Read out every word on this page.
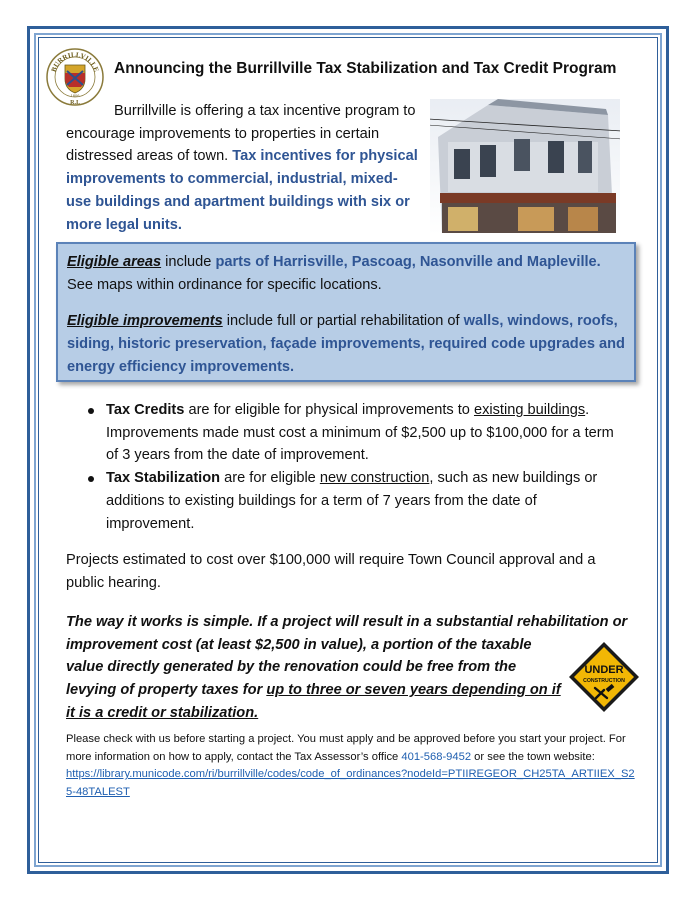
BURRILLVILLE
1806
R.I.
Announcing the Burrillville Tax Stabilization and Tax Credit Program
Burrillville is offering a tax incentive program to encourage improvements to properties in certain distressed areas of town. Tax incentives for physical improvements to commercial, industrial, mixed-use buildings and apartment buildings with six or more legal units.

Eligible areas include parts of Harrisville, Pascoag, Nasonville and Mapleville. See maps within ordinance for specific locations.

Eligible improvements include full or partial rehabilitation of walls, windows, roofs, siding, historic preservation, façade improvements, required code upgrades and energy efficiency improvements.

Tax Credits are for eligible for physical improvements to existing buildings. Improvements made must cost a minimum of $2,500 up to $100,000 for a term of 3 years from the date of improvement.
Tax Stabilization are for eligible new construction, such as new buildings or additions to existing buildings for a term of 7 years from the date of improvement.
Projects estimated to cost over $100,000 will require Town Council approval and a public hearing.
The way it works is simple. If a project will result in a substantial rehabilitation or
improvement cost (at least $2,500 in value), a portion of the taxable
value directly generated by the renovation could be free from the
levying of property taxes for up to three or seven years depending on if
it is a credit or stabilization.
UNDER
CONSTRUCTION
Please check with us before starting a project. You must apply and be approved before you start your project. For more information on how to apply, contact the Tax Assessor’s office 401-568-9452 or see the town website:
https://library.municode.com/ri/burrillville/codes/code_of_ordinances?nodeId=PTIIREGEOR_CH25TA_ARTIIEX_S25-48TALEST
